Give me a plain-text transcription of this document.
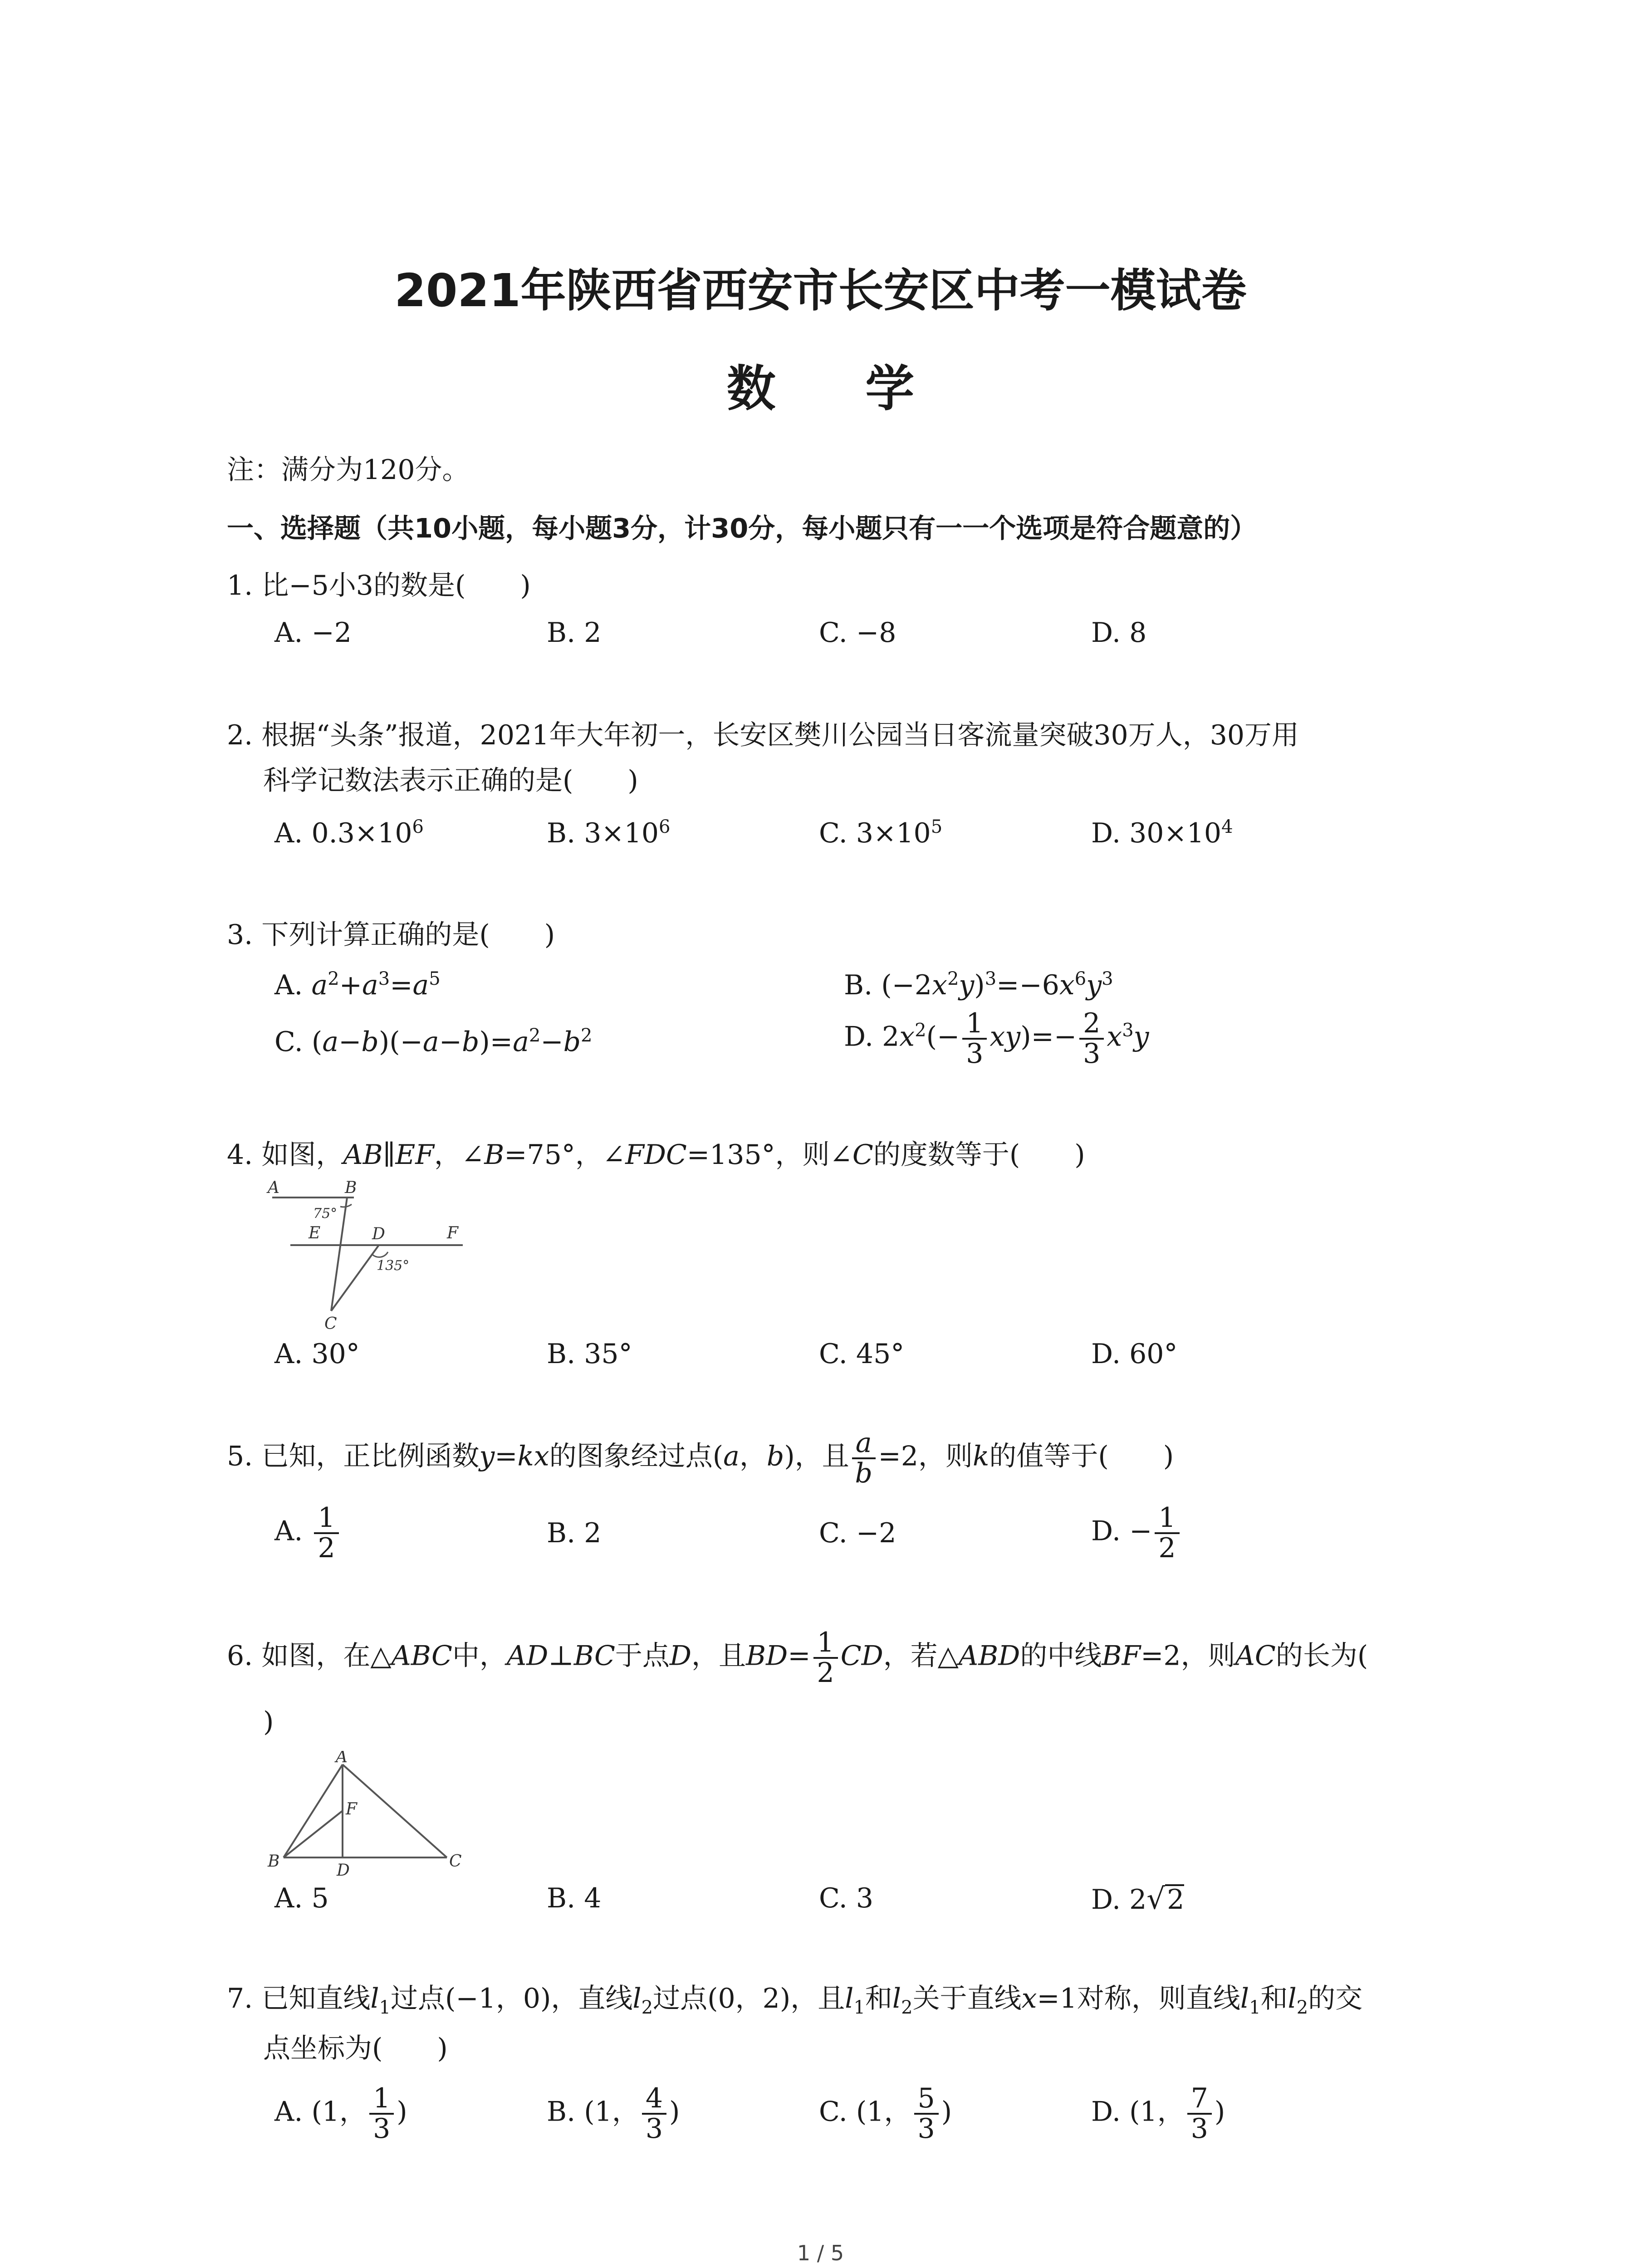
2021年陕西省西安市长安区中考一模试卷
数 学
注：满分为120分。
一、选择题（共10小题，每小题3分，计30分，每小题只有一一个选项是符合题意的）
1. 比−5小3的数是(　　)
A. −2	B. 2	C. −8	D. 8
2. 根据“头条”报道，2021年大年初一，长安区樊川公园当日客流量突破30万人，30万用
科学记数法表示正确的是(　　)
A. $0.3\times 10^6$	B. $3\times 10^6$	C. $3\times 10^5$	D. $30\times 10^4$
3. 下列计算正确的是(　　)
A. $a^2+a^3=a^5$	B. $(-2x^2y)^3=-6x^6y^3$
C. $(a-b)(-a-b)=a^2-b^2$	D. $2x^2(- \frac{1}{3} xy)=- \frac{2}{3} x^3y$
4. 如图，AB∥EF，∠B=75°，∠FDC=135°，则∠C的度数等于(　　)
A	B
E	D	F
C
75°
135°
A. 30°	B. 35°	C. 45°	D. 60°
5. 已知，正比例函数y=kx的图象经过点(a，b)，且 $\frac{a}{b} =2$，则k的值等于(　　)
A. $\frac{1}{2}$	B. 2	C. −2	D. − $\frac{1}{2}$
6. 如图，在△ABC中，AD⊥BC于点D，且$BD= \frac{1}{2}$ CD，若△ABD的中线BF=2，则AC的长为(
)
A
F
B	D	C
A. 5	B. 4	C. 3	D. 2√2
7. 已知直线$l_1$过点(−1，0)，直线$l_2$过点(0，2)，且$l_1$和$l_2$关于直线x=1对称，则直线$l_1$和$l_2$的交
点坐标为(　　)
A. (1， $\frac{1}{3}$ )	B. (1， $\frac{4}{3}$ )	C. (1， $\frac{5}{3}$ )	D. (1， $\frac{7}{3}$ )
1 / 5
